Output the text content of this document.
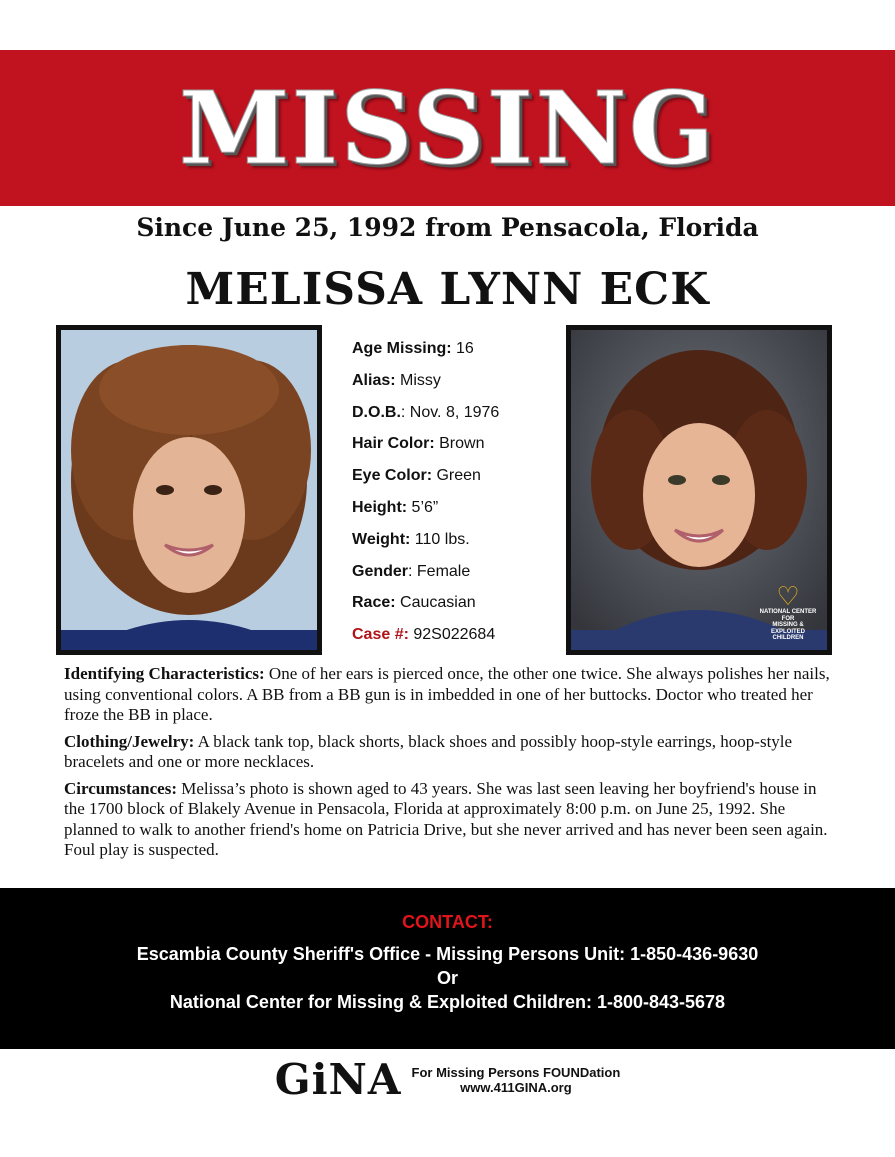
MISSING
Since June 25, 1992 from Pensacola, Florida
MELISSA LYNN ECK
♡
NATIONAL CENTER FOR
MISSING &
EXPLOITED
CHILDREN
Age Missing: 16
Alias: Missy
D.O.B.: Nov. 8, 1976
Hair Color: Brown
Eye Color: Green
Height: 5’6”
Weight: 110 lbs.
Gender: Female
Race: Caucasian
Case #: 92S022684

Identifying Characteristics: One of her ears is pierced once, the other one twice. She always polishes her nails, using conventional colors. A BB from a BB gun is in imbedded in one of her buttocks. Doctor who treated her froze the BB in place.

Clothing/Jewelry: A black tank top, black shorts, black shoes and possibly hoop-style earrings, hoop-style bracelets and one or more necklaces.

Circumstances: Melissa’s photo is shown aged to 43 years. She was last seen leaving her boyfriend's house in the 1700 block of Blakely Avenue in Pensacola, Florida at approximately 8:00 p.m. on June 25, 1992. She planned to walk to another friend's home on Patricia Drive, but she never arrived and has never been seen again. Foul play is suspected.

CONTACT:
Escambia County Sheriff's Office - Missing Persons Unit: 1-850-436-9630
Or
National Center for Missing & Exploited Children: 1-800-843-5678
GiNA For Missing Persons FOUNDation
www.411GINA.org
